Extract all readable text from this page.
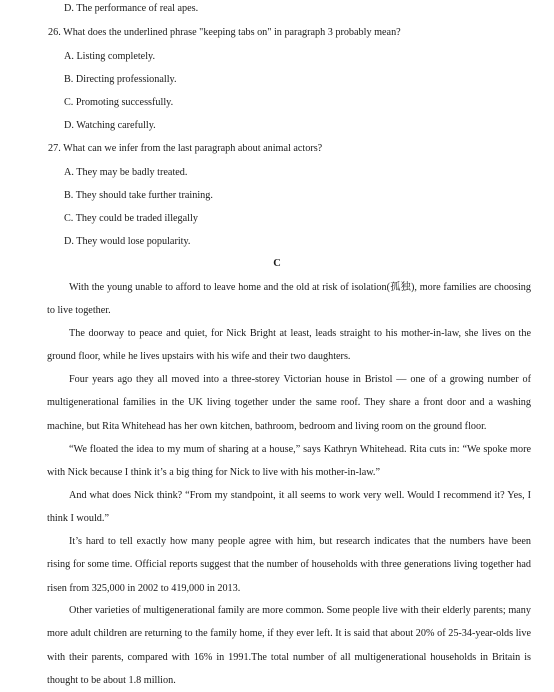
D. The performance of real apes.
26. What does the underlined phrase "keeping tabs on" in paragraph 3 probably mean?
A. Listing completely.
B. Directing professionally.
C. Promoting successfully.
D. Watching carefully.
27. What can we infer from the last paragraph about animal actors?
A. They may be badly treated.
B. They should take further training.
C. They could be traded illegally
D. They would lose popularity.
C
With the young unable to afford to leave home and the old at risk of isolation(孤独), more families are choosing to live together.
The doorway to peace and quiet, for Nick Bright at least, leads straight to his mother-in-law, she lives on the ground floor, while he lives upstairs with his wife and their two daughters.
Four years ago they all moved into a three-storey Victorian house in Bristol — one of a growing number of multigenerational families in the UK living together under the same roof. They share a front door and a washing machine, but Rita Whitehead has her own kitchen, bathroom, bedroom and living room on the ground floor.
“We floated the idea to my mum of sharing at a house,” says Kathryn Whitehead. Rita cuts in: “We spoke more with Nick because I think it’s a big thing for Nick to live with his mother-in-law.”
And what does Nick think? “From my standpoint, it all seems to work very well. Would I recommend it? Yes, I think I would.”
It’s hard to tell exactly how many people agree with him, but research indicates that the numbers have been rising for some time. Official reports suggest that the number of households with three generations living together had risen from 325,000 in 2002 to 419,000 in 2013.
Other varieties of multigenerational family are more common. Some people live with their elderly parents; many more adult children are returning to the family home, if they ever left. It is said that about 20% of 25-34-year-olds live with their parents, compared with 16% in 1991.The total number of all multigenerational households in Britain is thought to be about 1.8 million.
